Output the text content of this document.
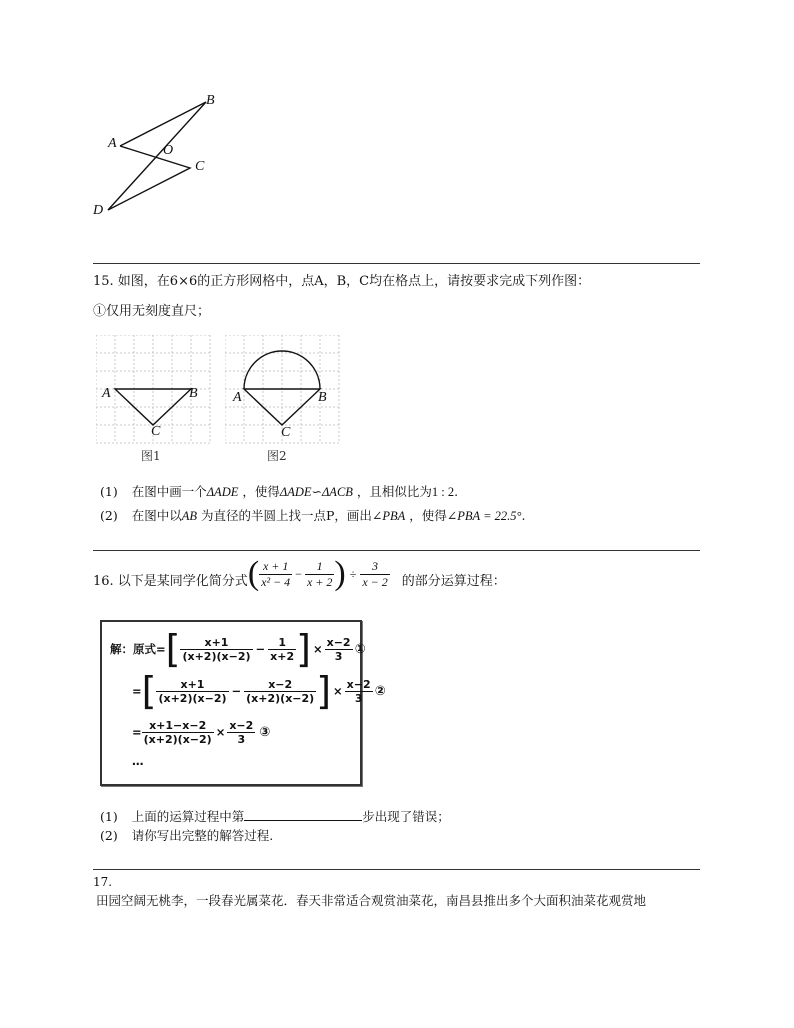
B
A	O
C
D
15. 如图，在6×6的正方形网格中，点A，B，C均在格点上，请按要求完成下列作图：
①仅用无刻度直尺；
A	B
C
图1
A	B
C
图2
(1) 在图中画一个ΔADE ，使得ΔADE∽ΔACB ，且相似比为1 : 2.
(2) 在图中以AB 为直径的半圆上找一点P，画出∠PBA ，使得∠PBA = 22.5°.
16. 以下是某同学化简分式 ( $\frac{x + 1}{\text{x² − 4}} - \frac{1}{x + 2}$ ) ÷ $\frac{3}{x - 2}$ 的部分运算过程：
解：原式= [ $\frac{x+1}{(x+2)(x-2)} - \frac{1}{x+2}$ ] × $\frac{x-2}{3}$ ①
= [ $\frac{x+1}{(x+2)(x-2)} - \frac{x-2}{(x+2)(x-2)}$ ] × $\frac{x-2}{3}$ ②
= $\frac{x+1-x-2}{(x+2)(x-2)} \times \frac{x-2}{3}$ ③
…
(1) 上面的运算过程中第	步出现了错误；
(2) 请你写出完整的解答过程.
17.
田园空阔无桃李，一段春光属菜花．春天非常适合观赏油菜花，南昌县推出多个大面积油菜花观赏地
